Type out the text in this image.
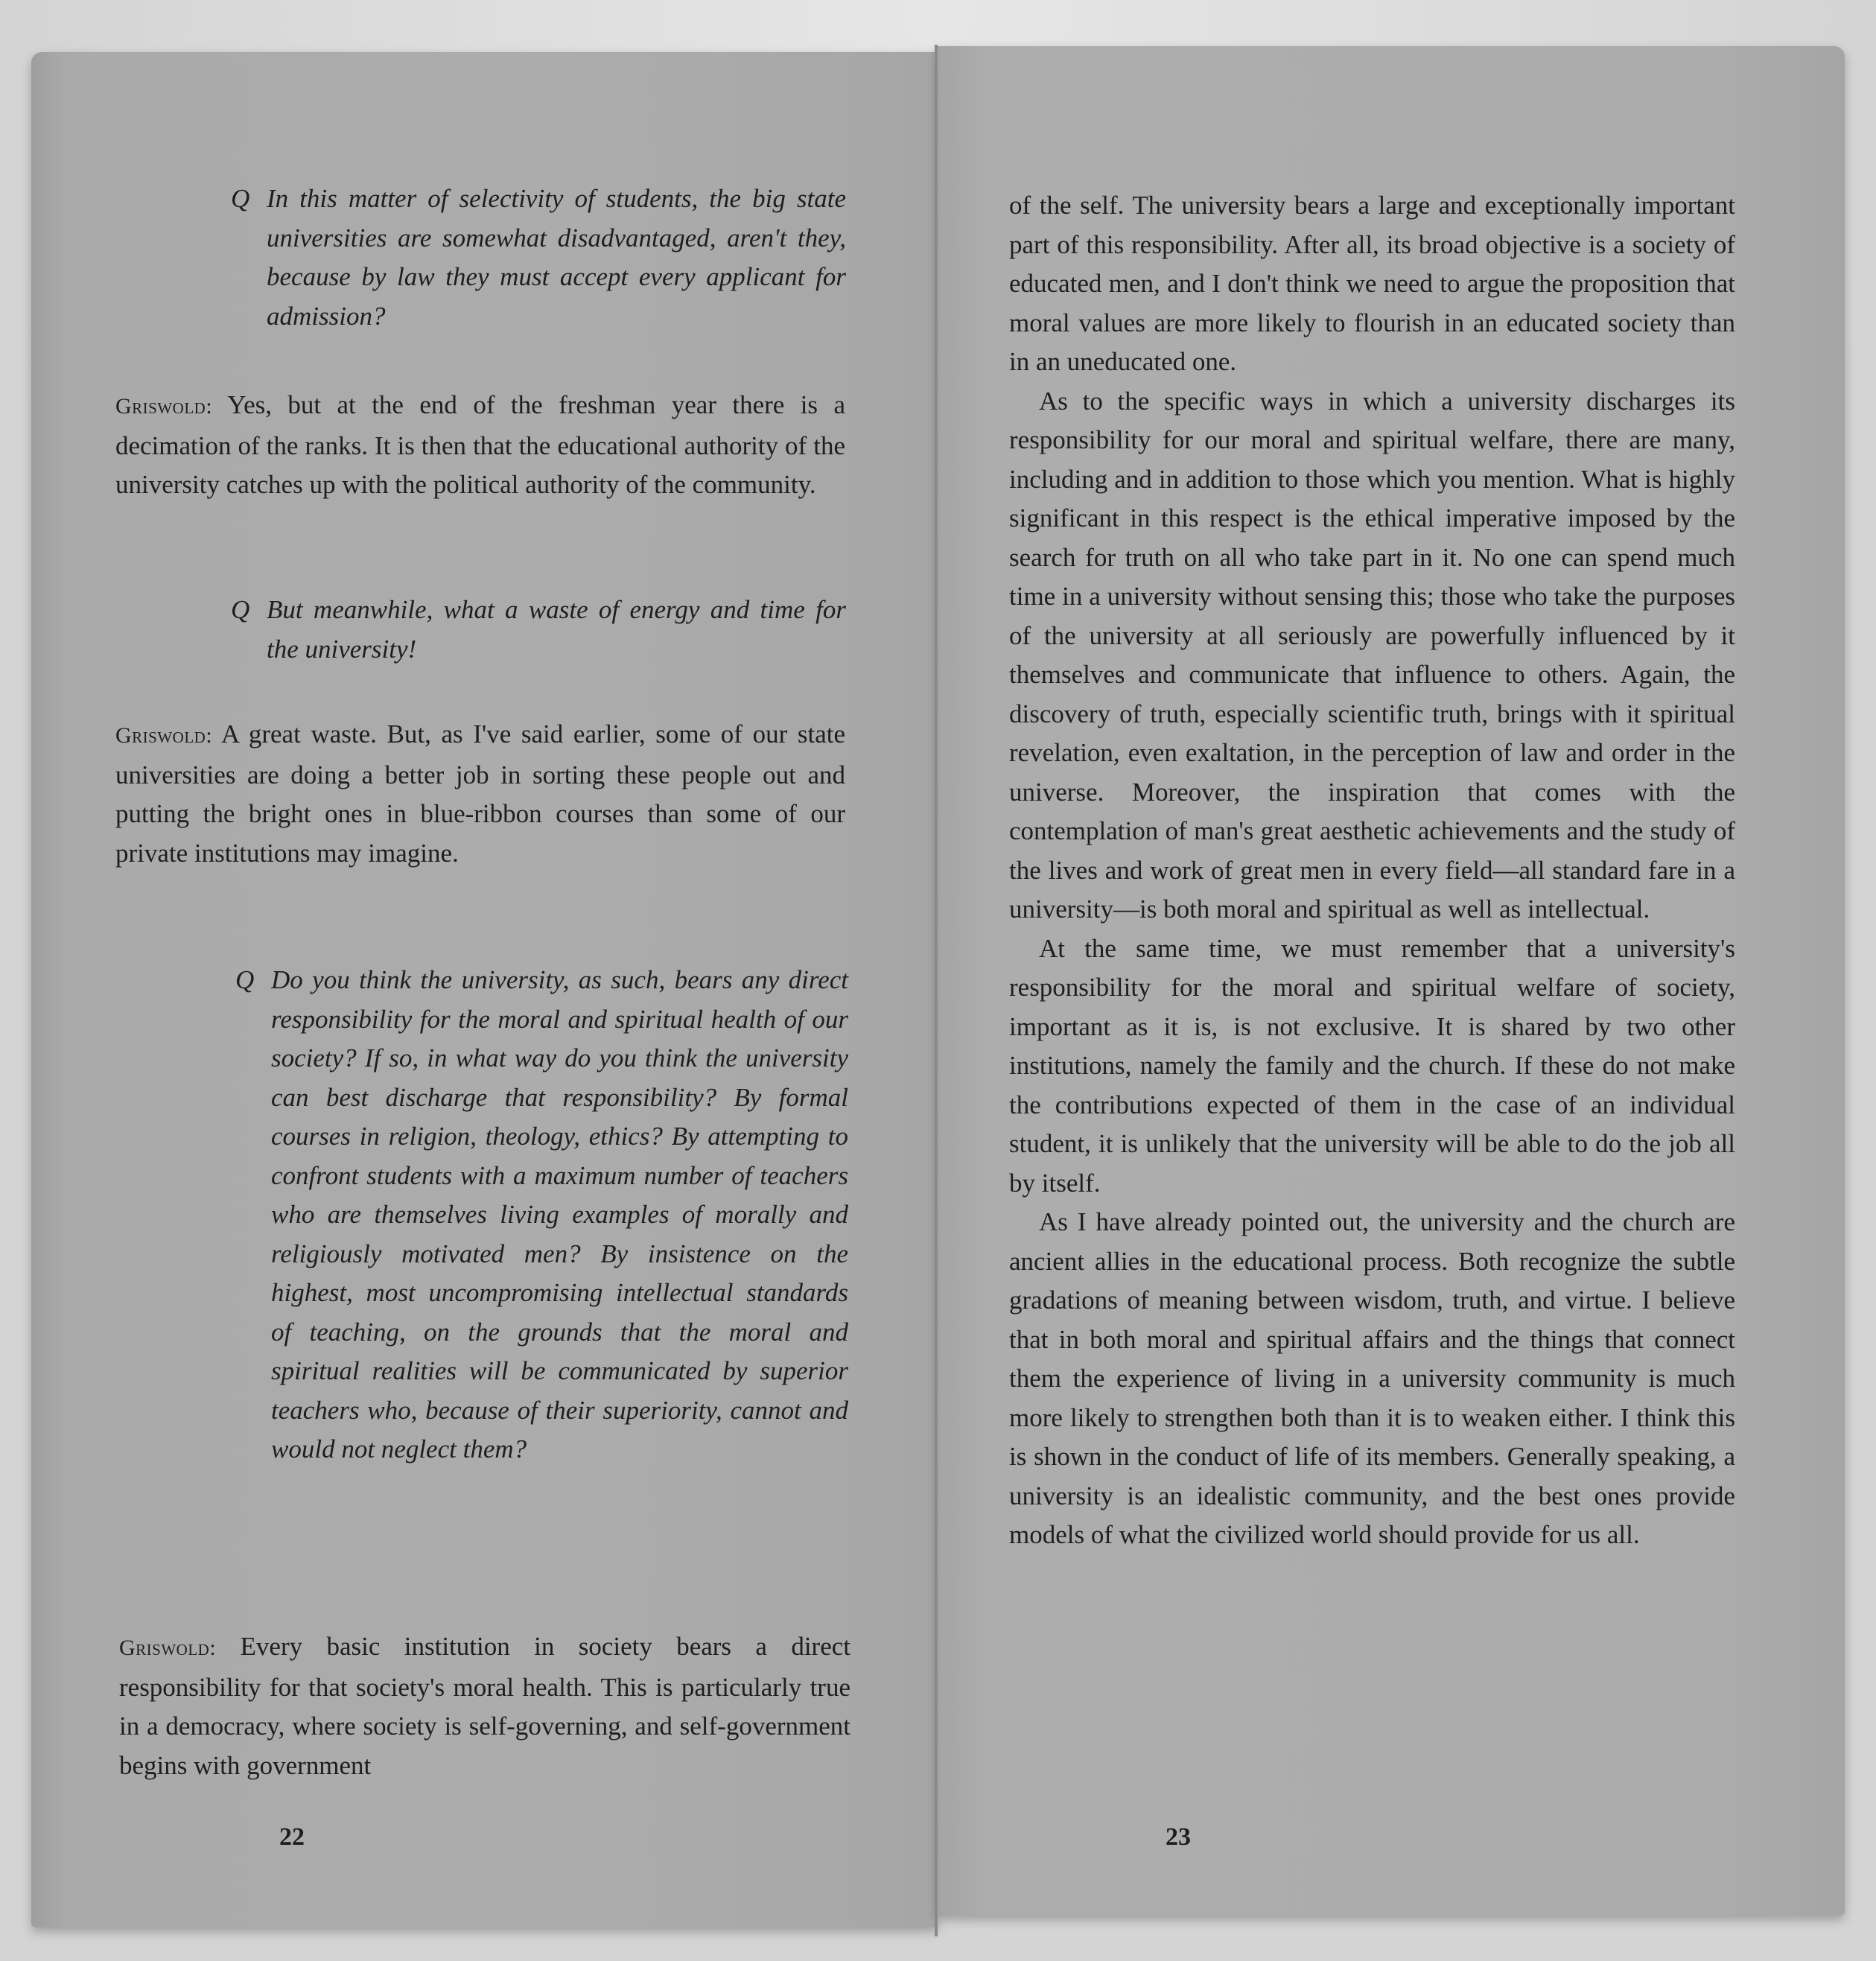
Q In this matter of selectivity of students, the big state universities are somewhat disadvantaged, aren't they, because by law they must accept every applicant for admission?

Griswold: Yes, but at the end of the freshman year there is a decimation of the ranks. It is then that the educational authority of the university catches up with the political authority of the community.

Q But meanwhile, what a waste of energy and time for the university!

Griswold: A great waste. But, as I've said earlier, some of our state universities are doing a better job in sorting these people out and putting the bright ones in blue-ribbon courses than some of our private institutions may imagine.

Q Do you think the university, as such, bears any direct responsibility for the moral and spiritual health of our society? If so, in what way do you think the university can best discharge that responsibility? By formal courses in religion, theology, ethics? By attempting to confront students with a maximum number of teachers who are themselves living examples of morally and religiously motivated men? By insistence on the highest, most uncompromising intellectual standards of teaching, on the grounds that the moral and spiritual realities will be communicated by superior teachers who, because of their superiority, cannot and would not neglect them?

Griswold: Every basic institution in society bears a direct responsibility for that society's moral health. This is particularly true in a democracy, where society is self-governing, and self-government begins with government

22

of the self. The university bears a large and exceptionally important part of this responsibility. After all, its broad objective is a society of educated men, and I don't think we need to argue the proposition that moral values are more likely to flourish in an educated society than in an uneducated one.

As to the specific ways in which a university discharges its responsibility for our moral and spiritual welfare, there are many, including and in addition to those which you mention. What is highly significant in this respect is the ethical imperative imposed by the search for truth on all who take part in it. No one can spend much time in a university without sensing this; those who take the purposes of the university at all seriously are powerfully influenced by it themselves and communicate that influence to others. Again, the discovery of truth, especially scientific truth, brings with it spiritual revelation, even exaltation, in the perception of law and order in the universe. Moreover, the inspiration that comes with the contemplation of man's great aesthetic achievements and the study of the lives and work of great men in every field—all standard fare in a university—is both moral and spiritual as well as intellectual.

At the same time, we must remember that a university's responsibility for the moral and spiritual welfare of society, important as it is, is not exclusive. It is shared by two other institutions, namely the family and the church. If these do not make the contributions expected of them in the case of an individual student, it is unlikely that the university will be able to do the job all by itself.

As I have already pointed out, the university and the church are ancient allies in the educational process. Both recognize the subtle gradations of meaning between wisdom, truth, and virtue. I believe that in both moral and spiritual affairs and the things that connect them the experience of living in a university community is much more likely to strengthen both than it is to weaken either. I think this is shown in the conduct of life of its members. Generally speaking, a university is an idealistic community, and the best ones provide models of what the civilized world should provide for us all.

23
